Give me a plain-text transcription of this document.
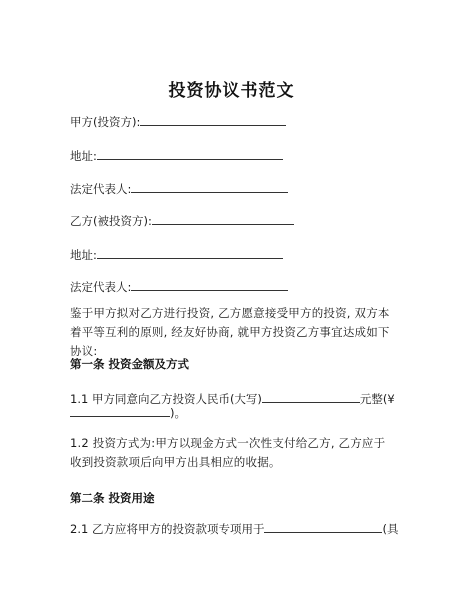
投资协议书范文
甲方(投资方):
地址:
法定代表人:
乙方(被投资方):
地址:
法定代表人:
鉴于甲方拟对乙方进行投资, 乙方愿意接受甲方的投资, 双方本着平等互利的原则, 经友好协商, 就甲方投资乙方事宜达成如下协议:
第一条 投资金额及方式
1.1 甲方同意向乙方投资人民币(大写)	元整(¥
)。
1.2 投资方式为:甲方以现金方式一次性支付给乙方, 乙方应于收到投资款项后向甲方出具相应的收据。
第二条 投资用途
2.1 乙方应将甲方的投资款项专项用于	(具
